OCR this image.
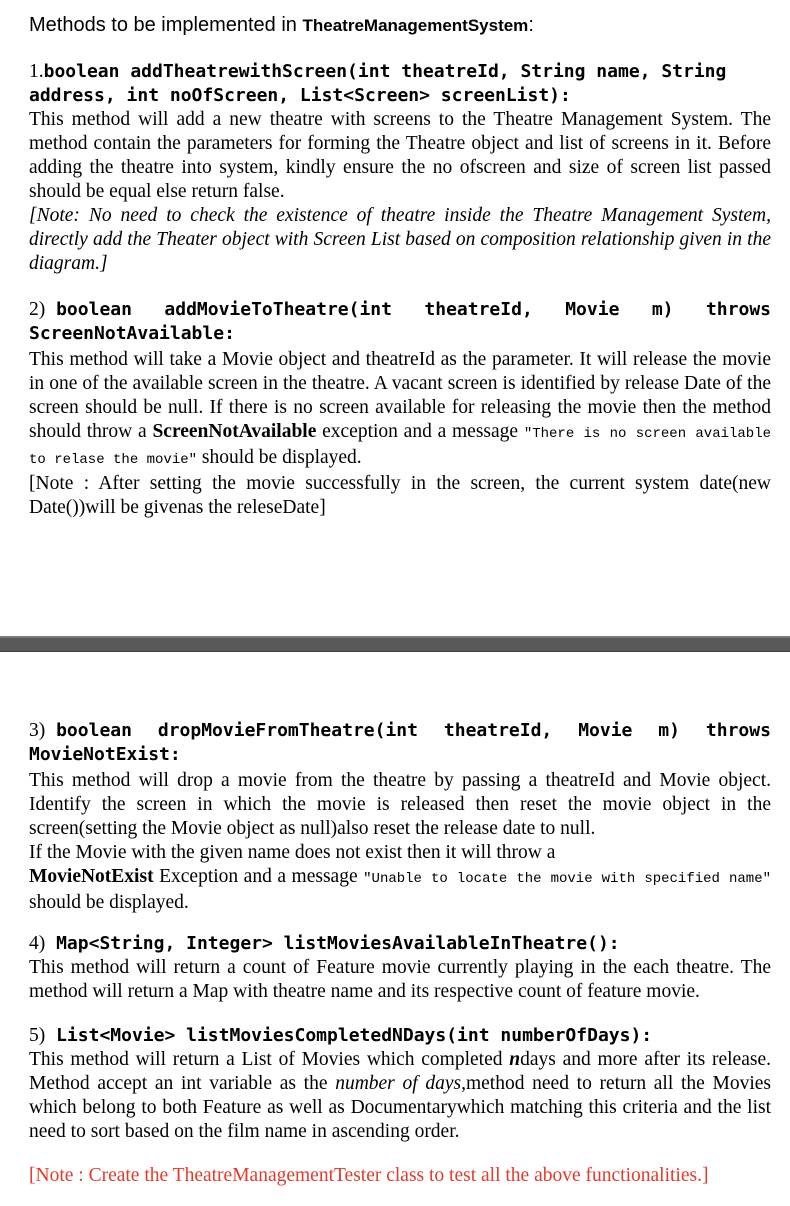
Methods to be implemented in TheatreManagementSystem:
1.boolean addTheatrewithScreen(int theatreId, String name, String
address, int noOfScreen, List<Screen> screenList):
This method will add a new theatre with screens to the Theatre Management System. The method contain the parameters for forming the Theatre object and list of screens in it. Before adding the theatre into system, kindly ensure the no ofscreen and size of screen list passed should be equal else return false.
[Note: No need to check the existence of theatre inside the Theatre Management System, directly add the Theater object with Screen List based on composition relationship given in the diagram.]
2) boolean addMovieToTheatre(int theatreId, Movie m) throws
ScreenNotAvailable:
This method will take a Movie object and theatreId as the parameter. It will release the movie in one of the available screen in the theatre. A vacant screen is identified by release Date of the screen should be null. If there is no screen available for releasing the movie then the method should throw a ScreenNotAvailable exception and a message "There is no screen available to relase the movie" should be displayed.
[Note : After setting the movie successfully in the screen, the current system date(new Date())will be givenas the releseDate]
3) boolean dropMovieFromTheatre(int theatreId, Movie m) throws
MovieNotExist:
This method will drop a movie from the theatre by passing a theatreId and Movie object. Identify the screen in which the movie is released then reset the movie object in the screen(setting the Movie object as null)also reset the release date to null.
If the Movie with the given name does not exist then it will throw a
MovieNotExist Exception and a message "Unable to locate the movie with specified name" should be displayed.
4) Map<String, Integer> listMoviesAvailableInTheatre():
This method will return a count of Feature movie currently playing in the each theatre. The method will return a Map with theatre name and its respective count of feature movie.
5) List<Movie> listMoviesCompletedNDays(int numberOfDays):
This method will return a List of Movies which completed ndays and more after its release. Method accept an int variable as the number of days,method need to return all the Movies which belong to both Feature as well as Documentarywhich matching this criteria and the list need to sort based on the film name in ascending order.
[Note : Create the TheatreManagementTester class to test all the above functionalities.]
